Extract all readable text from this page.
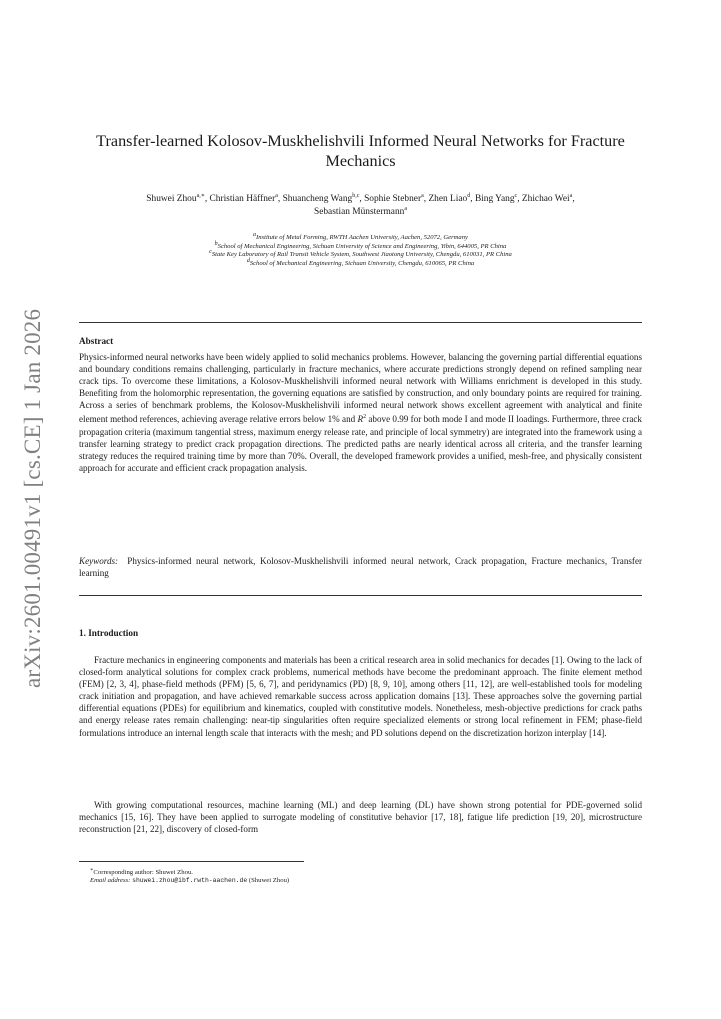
arXiv:2601.00491v1 [cs.CE] 1 Jan 2026
Transfer-learned Kolosov-Muskhelishvili Informed Neural Networks for Fracture Mechanics
Shuwei Zhou$^{a,∗}$, Christian Häffner$^a$, Shuancheng Wang$^{b,c}$, Sophie Stebner$^a$, Zhen Liao$^d$, Bing Yang$^c$, Zhichao Wei$^a$,
Sebastian Münstermann$^a$
$^a$Institute of Metal Forming, RWTH Aachen University, Aachen, 52072, Germany
$^b$School of Mechanical Engineering, Sichuan University of Science and Engineering, Yibin, 644005, PR China
$^c$State Key Laboratory of Rail Transit Vehicle System, Southwest Jiaotong University, Chengdu, 610031, PR China
$^d$School of Mechanical Engineering, Sichuan University, Chengdu, 610065, PR China
Abstract

Physics-informed neural networks have been widely applied to solid mechanics problems. However, balancing the governing partial differential equations and boundary conditions remains challenging, particularly in fracture mechanics, where accurate predictions strongly depend on refined sampling near crack tips. To overcome these limitations, a Kolosov-Muskhelishvili informed neural network with Williams enrichment is developed in this study. Benefiting from the holomorphic representation, the governing equations are satisfied by construction, and only boundary points are required for training. Across a series of benchmark problems, the Kolosov-Muskhelishvili informed neural network shows excellent agreement with analytical and finite element method references, achieving average relative errors below 1% and $R^2$ above 0.99 for both mode I and mode II loadings. Furthermore, three crack propagation criteria (maximum tangential stress, maximum energy release rate, and principle of local symmetry) are integrated into the framework using a transfer learning strategy to predict crack propagation directions. The predicted paths are nearly identical across all criteria, and the transfer learning strategy reduces the required training time by more than 70%. Overall, the developed framework provides a unified, mesh-free, and physically consistent approach for accurate and efficient crack propagation analysis.

Keywords: Physics-informed neural network, Kolosov-Muskhelishvili informed neural network, Crack propagation, Fracture mechanics, Transfer learning

1. Introduction

Fracture mechanics in engineering components and materials has been a critical research area in solid mechanics for decades [1]. Owing to the lack of closed-form analytical solutions for complex crack problems, numerical methods have become the predominant approach. The finite element method (FEM) [2, 3, 4], phase-field methods (PFM) [5, 6, 7], and peridynamics (PD) [8, 9, 10], among others [11, 12], are well-established tools for modeling crack initiation and propagation, and have achieved remarkable success across application domains [13]. These approaches solve the governing partial differential equations (PDEs) for equilibrium and kinematics, coupled with constitutive models. Nonetheless, mesh-objective predictions for crack paths and energy release rates remain challenging: near-tip singularities often require specialized elements or strong local refinement in FEM; phase-field formulations introduce an internal length scale that interacts with the mesh; and PD solutions depend on the discretization horizon interplay [14].

With growing computational resources, machine learning (ML) and deep learning (DL) have shown strong potential for PDE-governed solid mechanics [15, 16]. They have been applied to surrogate modeling of constitutive behavior [17, 18], fatigue life prediction [19, 20], microstructure reconstruction [21, 22], discovery of closed-form

∗Corresponding author: Shuwei Zhou.
Email address: shuwei.zhou@ibf.rwth-aachen.de (Shuwei Zhou)
